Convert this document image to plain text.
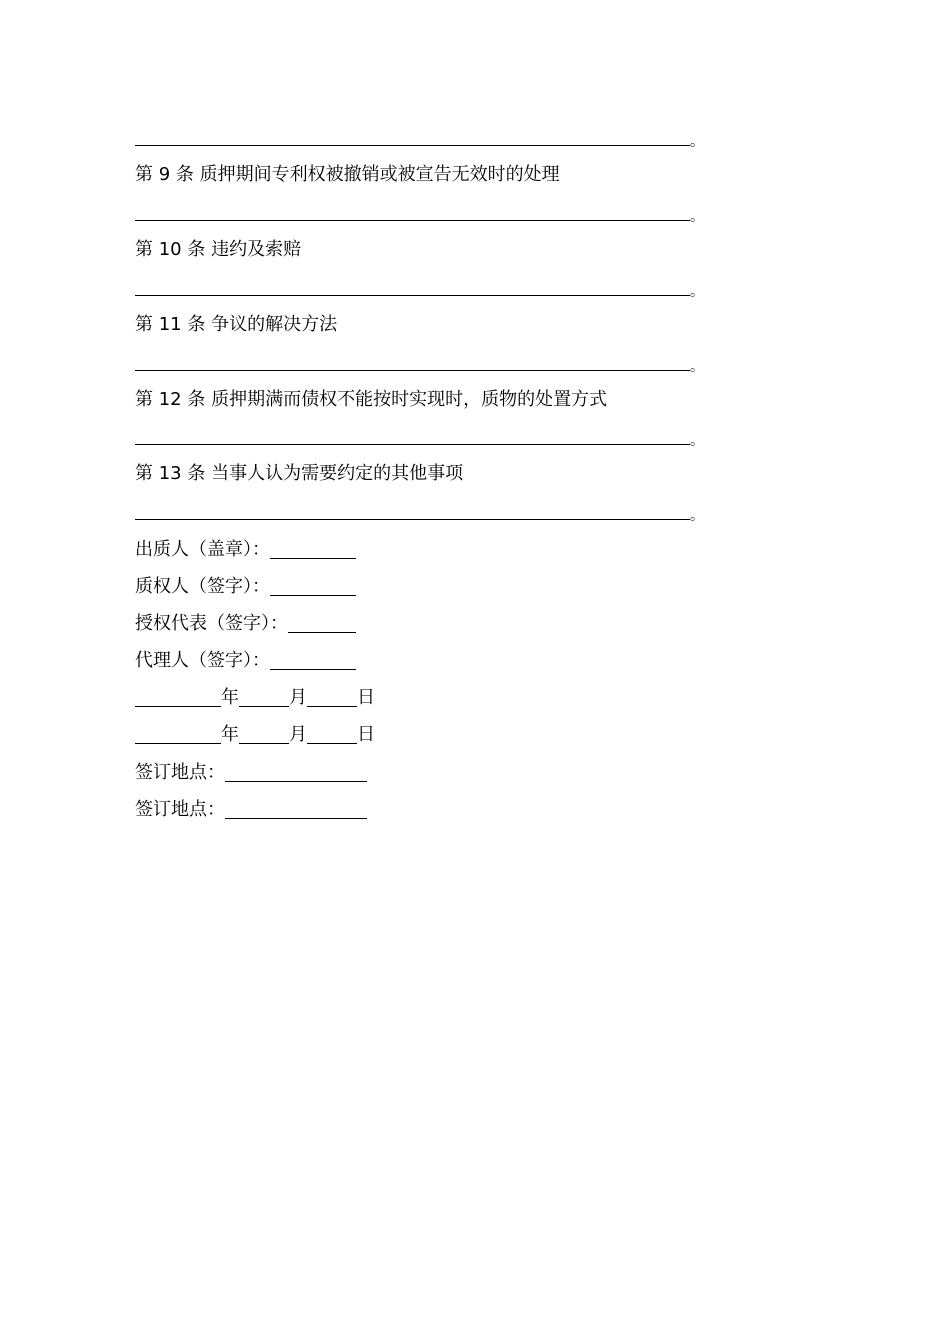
。
第 9 条 质押期间专利权被撤销或被宣告无效时的处理
。
第 10 条 违约及索赔
。
第 11 条 争议的解决方法
。
第 12 条 质押期满而债权不能按时实现时，质物的处置方式
。
第 13 条 当事人认为需要约定的其他事项
。
出质人（盖章）：
质权人（签字）：
授权代表（签字）：
代理人（签字）：
年	月	日
年	月	日
签订地点：
签订地点：
